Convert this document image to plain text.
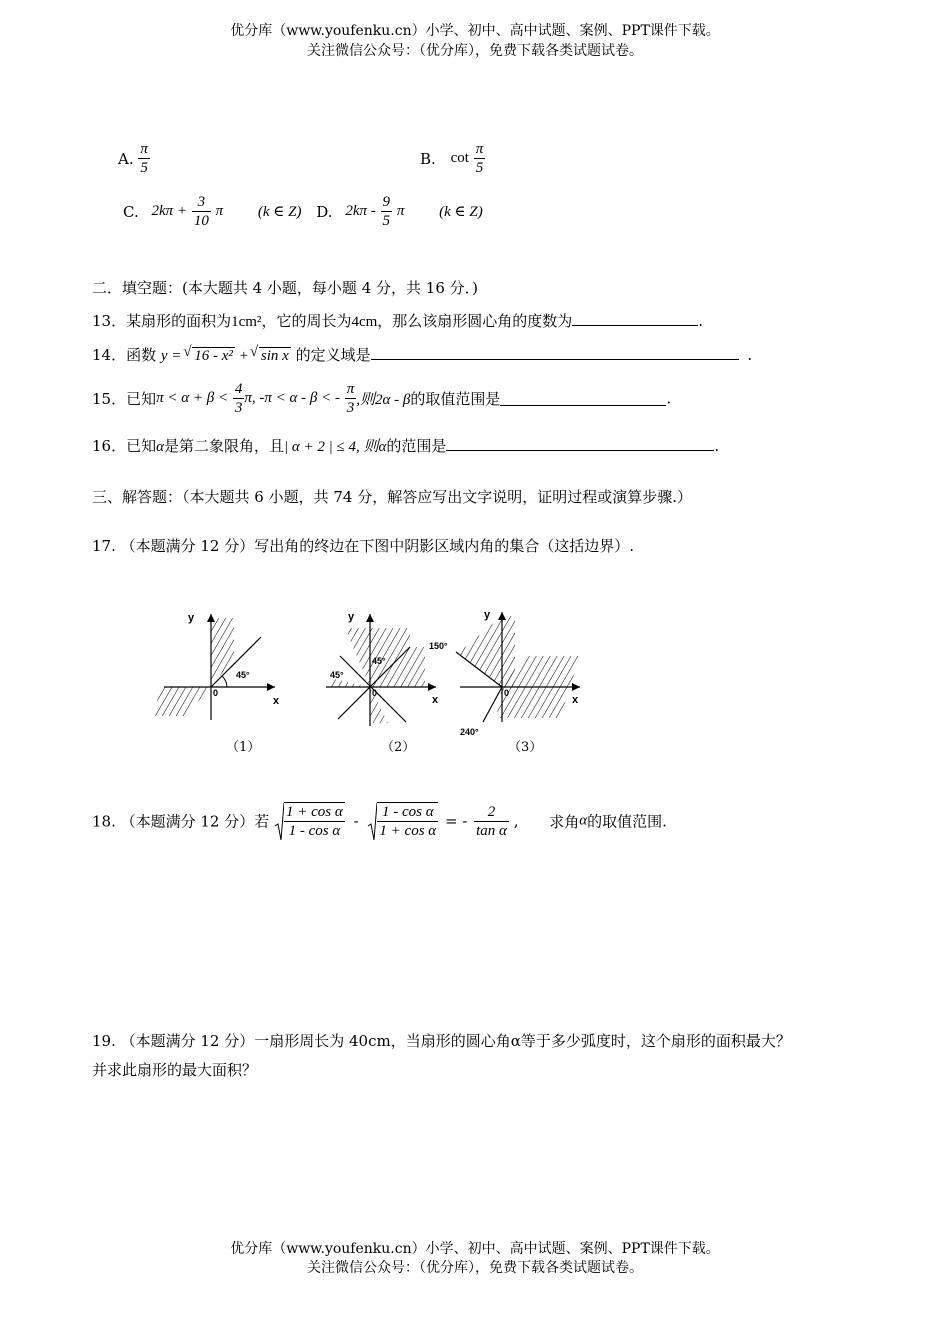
优分库（www.youfenku.cn）小学、初中、高中试题、案例、PPT课件下载。
关注微信公众号：（优分库），免费下载各类试题试卷。
A. $\frac{\pi}{5}$	B. $\cot \frac{\pi}{5}$
C. $2k\pi + \frac{3}{10}$ π (k ∈ Z) D. $2k\pi - \frac{9}{5}$ π (k ∈ Z)
二．填空题：(本大题共 4 小题，每小题 4 分，共 16 分．)
13．某扇形的面积为1cm²，它的周长为4cm，那么该扇形圆心角的度数为	.
14．函数 y = √ 16 - x² + √ sin x 的定义域是	.
15．已知$\pi < \alpha + \beta < \frac{4}{3} \pi$, -π < α - β < - $\frac{\pi}{3}$ ,则2α - β的取值范围是	.
16．已知α是第二象限角，且| α + 2 | ≤ 4, 则α的范围是	.
三、解答题：（本大题共 6 小题，共 74 分，解答应写出文字说明，证明过程或演算步骤.）
17. （本题满分 12 分）写出角的终边在下图中阴影区域内角的集合（这括边界）.
y
x
0
45°
（1）
y
x
0
45°
45°
（2）
y
x
0
150°
240°
（3）
18. （本题满分 12 分）若 $\frac{\text{1 + cos α}}{\text{1 - cos α}} - \frac{\text{1 - cos α}}{\text{1 + cos α}}$ = - $\frac{2}{\text{tan α}}$ , 求角α的取值范围.
19. （本题满分 12 分）一扇形周长为 40cm，当扇形的圆心角α等于多少弧度时，这个扇形的面积最大？
并求此扇形的最大面积？
优分库（www.youfenku.cn）小学、初中、高中试题、案例、PPT课件下载。
关注微信公众号：（优分库），免费下载各类试题试卷。
